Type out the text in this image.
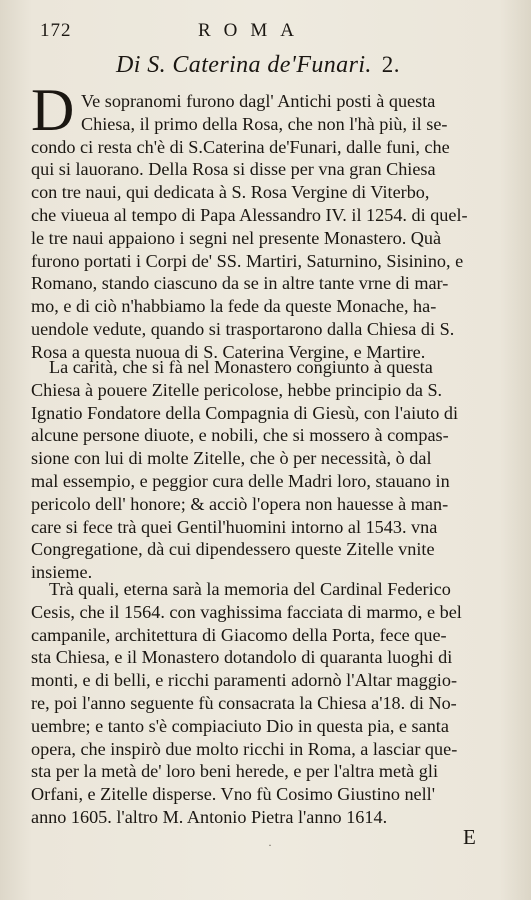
172	ROMA
Di S. Caterina de'Funari. 2.
D Ve sopranomi furono dagl' Antichi posti à questa
Chiesa, il primo della Rosa, che non l'hà più, il se-
condo ci resta ch'è di S.Caterina de'Funari, dalle funi, che
qui si lauorano. Della Rosa si disse per vna gran Chiesa
con tre naui, qui dedicata à S. Rosa Vergine di Viterbo,
che viueua al tempo di Papa Alessandro IV. il 1254. di quel-
le tre naui appaiono i segni nel presente Monastero. Quà
furono portati i Corpi de' SS. Martiri, Saturnino, Sisinino, e
Romano, stando ciascuno da se in altre tante vrne di mar-
mo, e di ciò n'habbiamo la fede da queste Monache, ha-
uendole vedute, quando si trasportarono dalla Chiesa di S.
Rosa a questa nuoua di S. Caterina Vergine, e Martire.
La carità, che si fà nel Monastero congiunto à questa
Chiesa à pouere Zitelle pericolose, hebbe principio da S.
Ignatio Fondatore della Compagnia di Giesù, con l'aiuto di
alcune persone diuote, e nobili, che si mossero à compas-
sione con lui di molte Zitelle, che ò per necessità, ò dal
mal essempio, e peggior cura delle Madri loro, stauano in
pericolo dell' honore; & acciò l'opera non hauesse à man-
care si fece trà quei Gentil'huomini intorno al 1543. vna
Congregatione, dà cui dipendessero queste Zitelle vnite
insieme.
Trà quali, eterna sarà la memoria del Cardinal Federico
Cesis, che il 1564. con vaghissima facciata di marmo, e bel
campanile, architettura di Giacomo della Porta, fece que-
sta Chiesa, e il Monastero dotandolo di quaranta luoghi di
monti, e di belli, e ricchi paramenti adornò l'Altar maggio-
re, poi l'anno seguente fù consacrata la Chiesa a'18. di No-
uembre; e tanto s'è compiaciuto Dio in questa pia, e santa
opera, che inspirò due molto ricchi in Roma, a lasciar que-
sta per la metà de' loro beni herede, e per l'altra metà gli
Orfani, e Zitelle disperse. Vno fù Cosimo Giustino nell'
anno 1605. l'altro M. Antonio Pietra l'anno 1614.
E
·
